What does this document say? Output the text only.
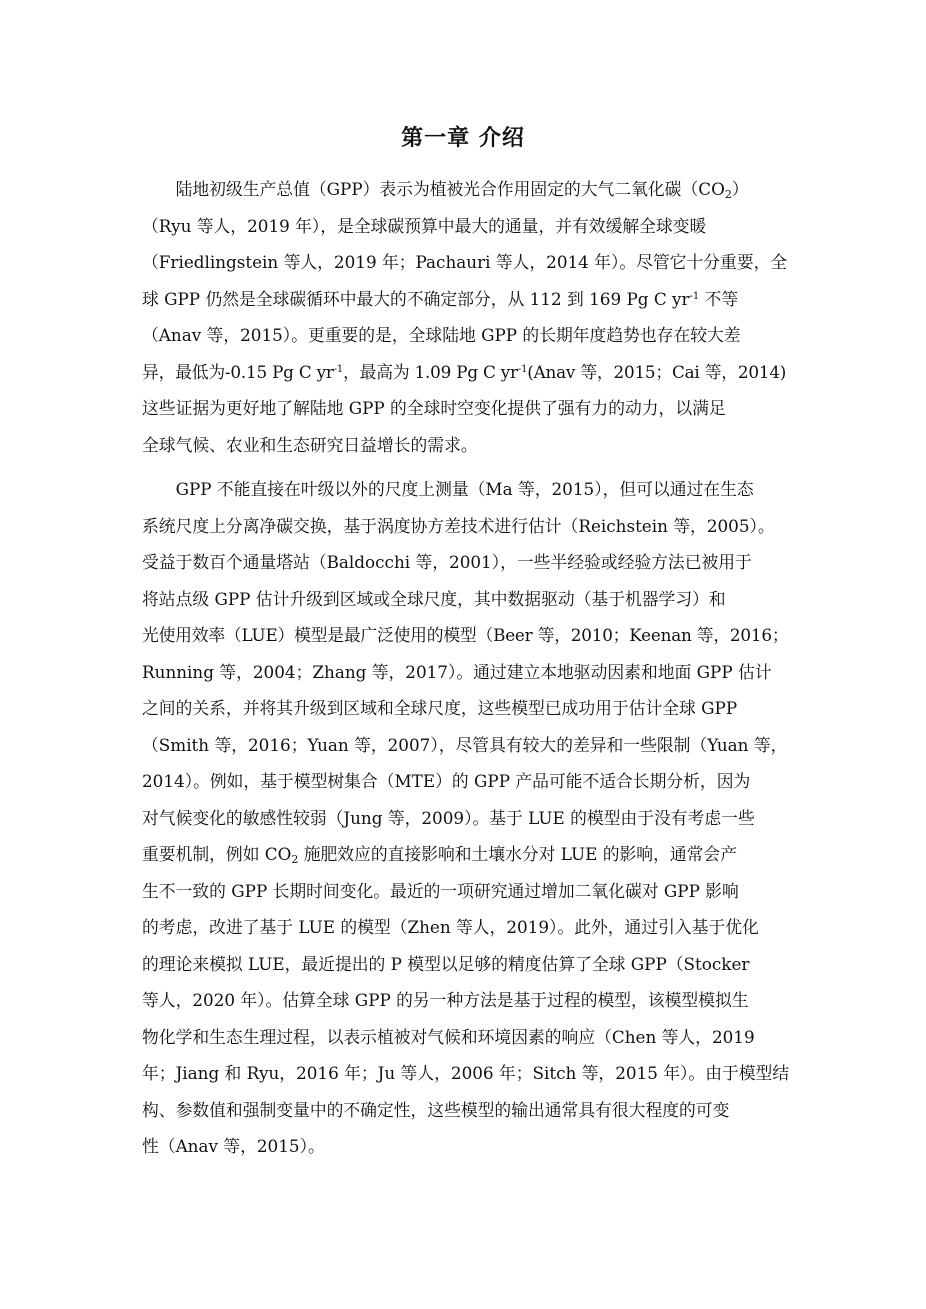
第一章 介绍

陆地初级生产总值（GPP）表示为植被光合作用固定的大气二氧化碳$(CO_2)$
（Ryu 等人，2019 年），是全球碳预算中最大的通量，并有效缓解全球变暖
（Friedlingstein 等人，2019 年；Pachauri 等人，2014 年）。尽管它十分重要，全
球 GPP 仍然是全球碳循环中最大的不确定部分，从 112 到 169 Pg C $yr^{-1}$ 不等
（Anav 等，2015）。更重要的是，全球陆地 GPP 的长期年度趋势也存在较大差
异，最低为-0.15 Pg C $yr^{-1}$，最高为 1.09 Pg C $yr^{-1}(Anav$ 等，2015；Cai 等，2014)
这些证据为更好地了解陆地 GPP 的全球时空变化提供了强有力的动力，以满足
全球气候、农业和生态研究日益增长的需求。

GPP 不能直接在叶级以外的尺度上测量（Ma 等，2015），但可以通过在生态
系统尺度上分离净碳交换，基于涡度协方差技术进行估计（Reichstein 等，2005）。
受益于数百个通量塔站（Baldocchi 等，2001），一些半经验或经验方法已被用于
将站点级 GPP 估计升级到区域或全球尺度，其中数据驱动（基于机器学习）和
光使用效率（LUE）模型是最广泛使用的模型（Beer 等，2010；Keenan 等，2016；
Running 等，2004；Zhang 等，2017）。通过建立本地驱动因素和地面 GPP 估计
之间的关系，并将其升级到区域和全球尺度，这些模型已成功用于估计全球 GPP
（Smith 等，2016；Yuan 等，2007），尽管具有较大的差异和一些限制（Yuan 等，
2014）。例如，基于模型树集合（MTE）的 GPP 产品可能不适合长期分析，因为
对气候变化的敏感性较弱（Jung 等，2009）。基于 LUE 的模型由于没有考虑一些
重要机制，例如 $CO_2$ 施肥效应的直接影响和土壤水分对 LUE 的影响，通常会产
生不一致的 GPP 长期时间变化。最近的一项研究通过增加二氧化碳对 GPP 影响
的考虑，改进了基于 LUE 的模型（Zhen 等人，2019）。此外，通过引入基于优化
的理论来模拟 LUE，最近提出的 P 模型以足够的精度估算了全球 GPP（Stocker
等人，2020 年）。估算全球 GPP 的另一种方法是基于过程的模型，该模型模拟生
物化学和生态生理过程，以表示植被对气候和环境因素的响应（Chen 等人，2019
年；Jiang 和 Ryu，2016 年；Ju 等人，2006 年；Sitch 等，2015 年）。由于模型结
构、参数值和强制变量中的不确定性，这些模型的输出通常具有很大程度的可变
性（Anav 等，2015）。
